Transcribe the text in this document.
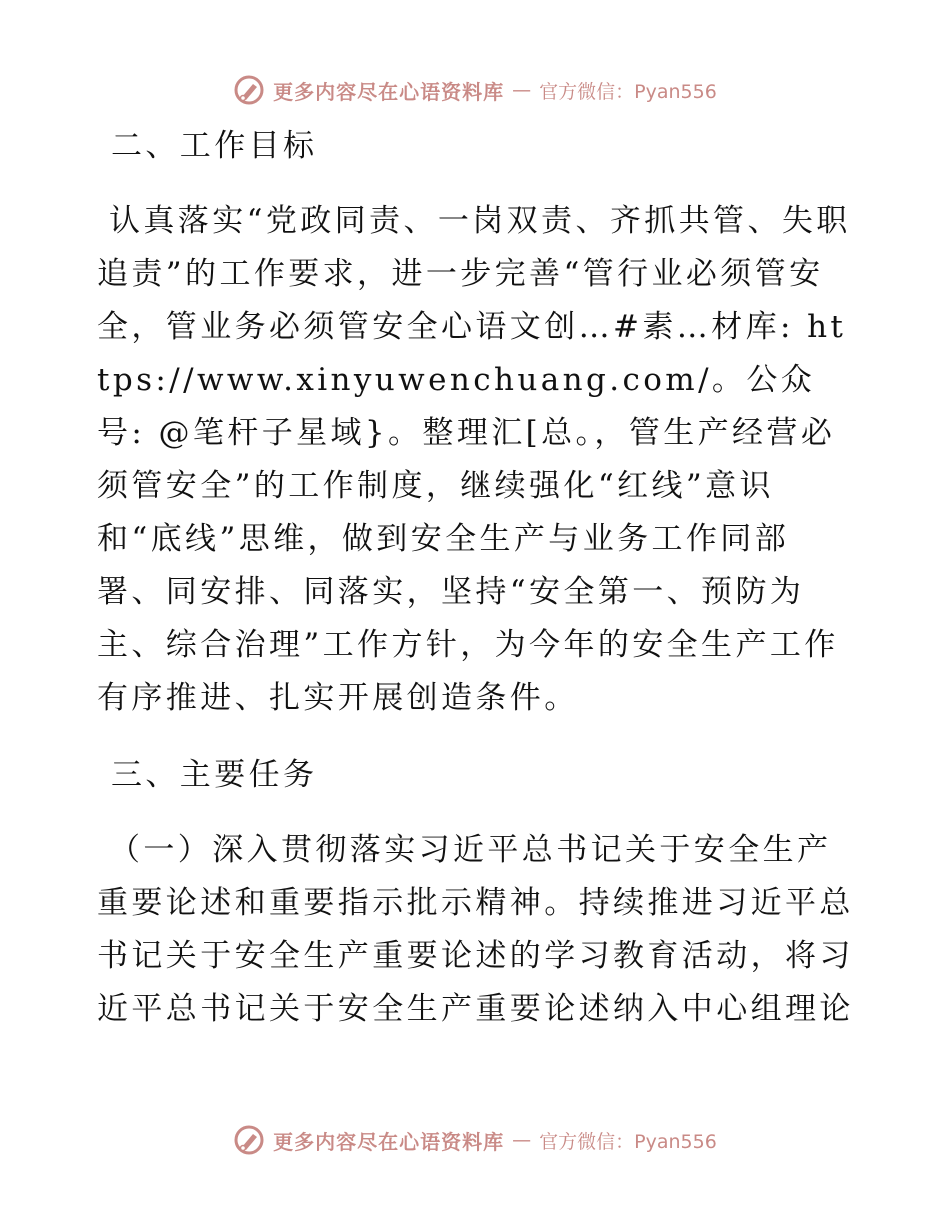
更多内容尽在心语资料库 — 官方微信：Pyan556

二、工作目标

认真落实“党政同责、一岗双责、齐抓共管、失职追责”的工作要求，进一步完善“管行业必须管安全，管业务必须管安全心语文创…#素…材库: https://www.xinyuwenchuang.com/。公众号: @笔杆子星域}。整理汇[总。，管生产经营必须管安全”的工作制度，继续强化“红线”意识和“底线”思维，做到安全生产与业务工作同部署、同安排、同落实，坚持“安全第一、预防为主、综合治理”工作方针，为今年的安全生产工作有序推进、扎实开展创造条件。

三、主要任务

（一）深入贯彻落实习近平总书记关于安全生产重要论述和重要指示批示精神。持续推进习近平总书记关于安全生产重要论述的学习教育活动，将习近平总书记关于安全生产重要论述纳入中心组理论

更多内容尽在心语资料库 — 官方微信：Pyan556
